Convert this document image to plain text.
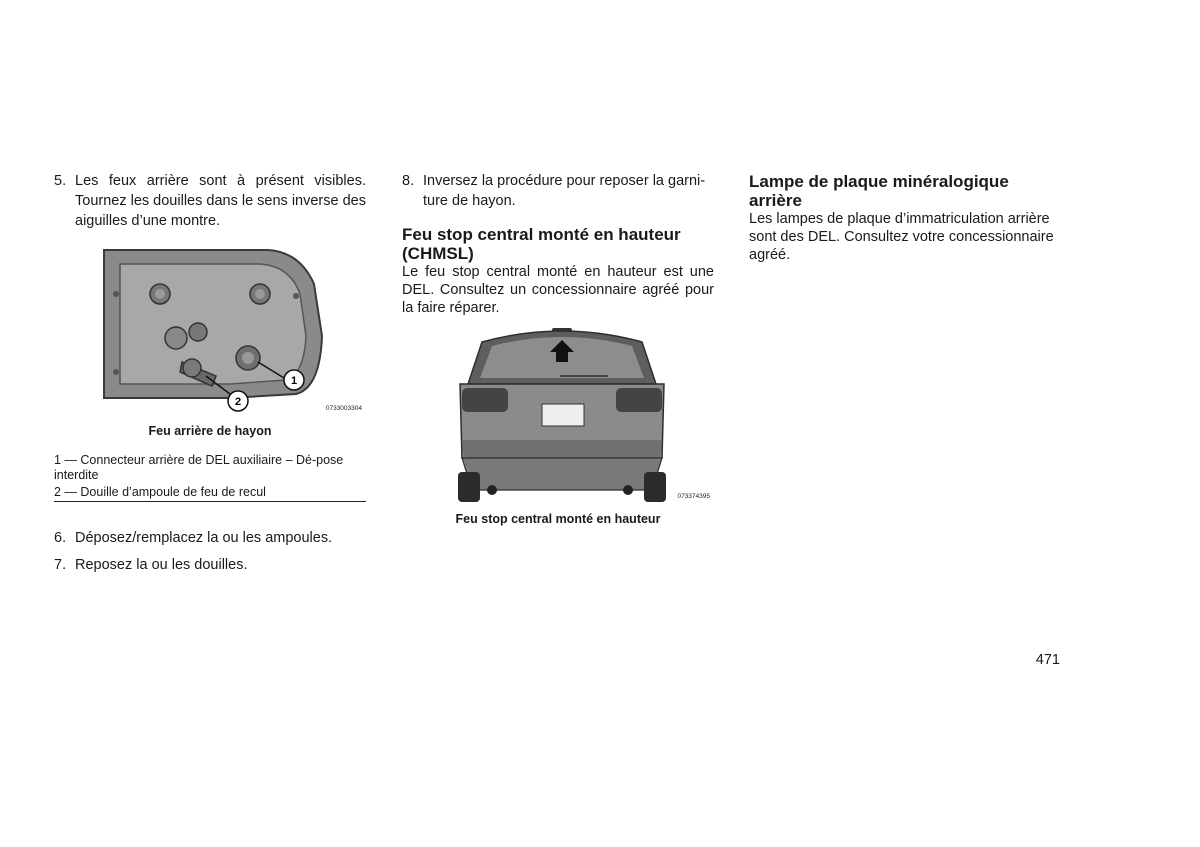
5. Les feux arrière sont à présent visibles. Tournez les douilles dans le sens inverse des aiguilles d’une montre.
1
2
0733003304
Feu arrière de hayon
1 — Connecteur arrière de DEL auxiliaire – Dé-pose interdite
2 — Douille d’ampoule de feu de recul
6. Déposez/remplacez la ou les ampoules.
7. Reposez la ou les douilles.
8. Inversez la procédure pour reposer la garni-ture de hayon.
Feu stop central monté en hauteur (CHMSL)

Le feu stop central monté en hauteur est une DEL. Consultez un concessionnaire agréé pour la faire réparer.

073374395
Feu stop central monté en hauteur
Lampe de plaque minéralogique arrière

Les lampes de plaque d’immatriculation arrière sont des DEL. Consultez votre concessionnaire agréé.

471
